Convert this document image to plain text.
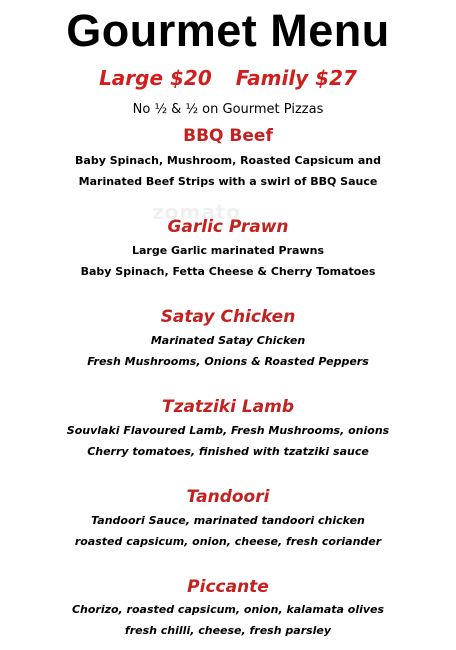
Gourmet Menu
Large $20 Family $27
No ½ & ½ on Gourmet Pizzas
zomato
BBQ Beef
Baby Spinach, Mushroom, Roasted Capsicum and
Marinated Beef Strips with a swirl of BBQ Sauce
Garlic Prawn
Large Garlic marinated Prawns
Baby Spinach, Fetta Cheese & Cherry Tomatoes
Satay Chicken
Marinated Satay Chicken
Fresh Mushrooms, Onions & Roasted Peppers
Tzatziki Lamb
Souvlaki Flavoured Lamb, Fresh Mushrooms, onions
Cherry tomatoes, finished with tzatziki sauce
Tandoori
Tandoori Sauce, marinated tandoori chicken
roasted capsicum, onion, cheese, fresh coriander
Piccante
Chorizo, roasted capsicum, onion, kalamata olives
fresh chilli, cheese, fresh parsley
